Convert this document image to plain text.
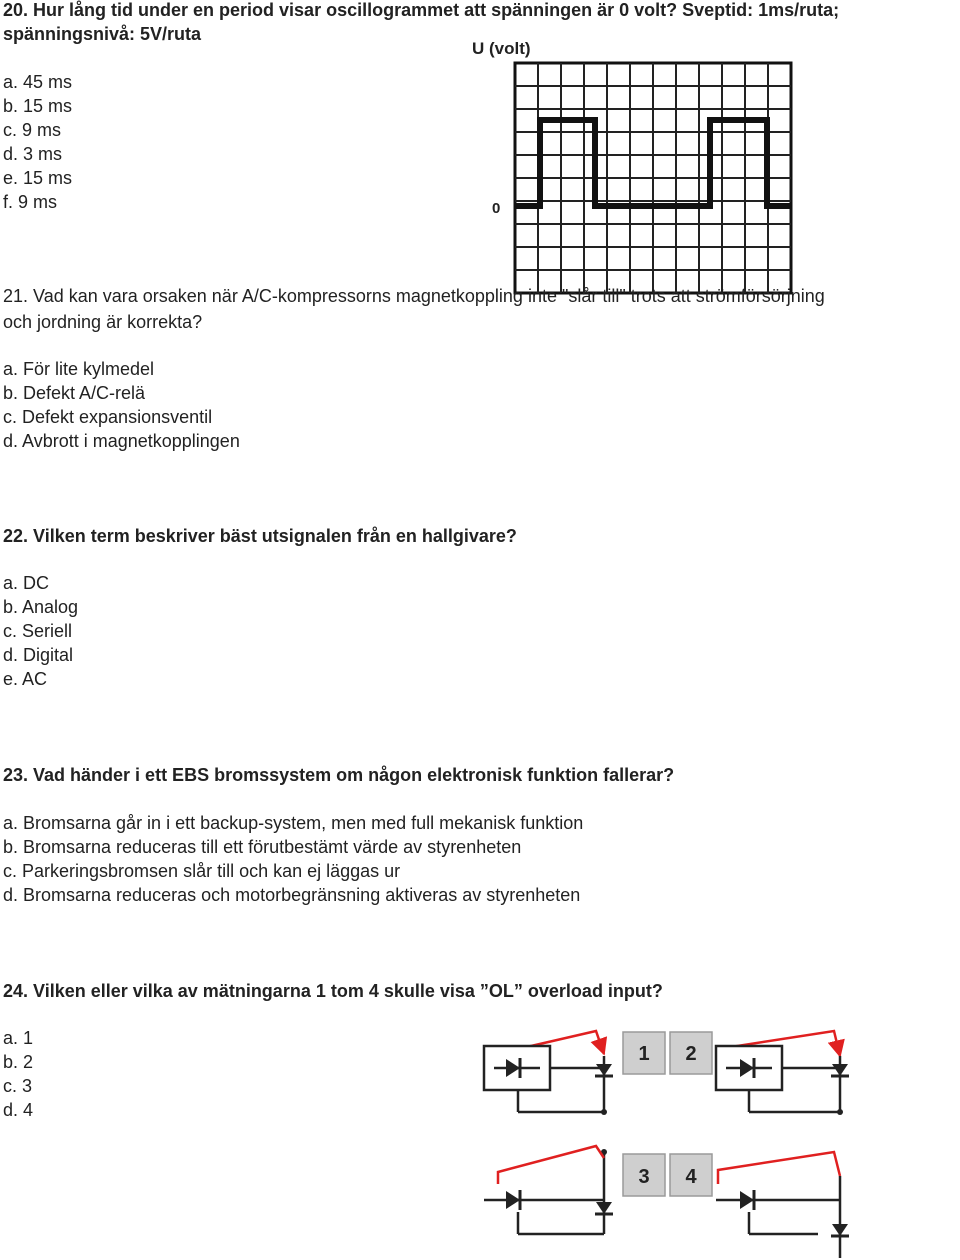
20. Hur lång tid under en period visar oscillogrammet att spänningen är 0 volt? Sveptid: 1ms/ruta;
spänningsnivå: 5V/ruta
a. 45 ms
b. 15 ms
c. 9 ms
d. 3 ms
e. 15 ms
f. 9 ms
U (volt)
0
21. Vad kan vara orsaken när A/C-kompressorns magnetkoppling inte "slår till" trots att strömförsörjning
och jordning är korrekta?
a. För lite kylmedel
b. Defekt A/C-relä
c. Defekt expansionsventil
d. Avbrott i magnetkopplingen
22. Vilken term beskriver bäst utsignalen från en hallgivare?
a. DC
b. Analog
c. Seriell
d. Digital
e. AC
23. Vad händer i ett EBS bromssystem om någon elektronisk funktion fallerar?
a. Bromsarna går in i ett backup-system, men med full mekanisk funktion
b. Bromsarna reduceras till ett förutbestämt värde av styrenheten
c. Parkeringsbromsen slår till och kan ej läggas ur
d. Bromsarna reduceras och motorbegränsning aktiveras av styrenheten
24. Vilken eller vilka av mätningarna 1 tom 4 skulle visa ”OL” overload input?
a. 1
b. 2
c. 3
d. 4
1 2
3 4
